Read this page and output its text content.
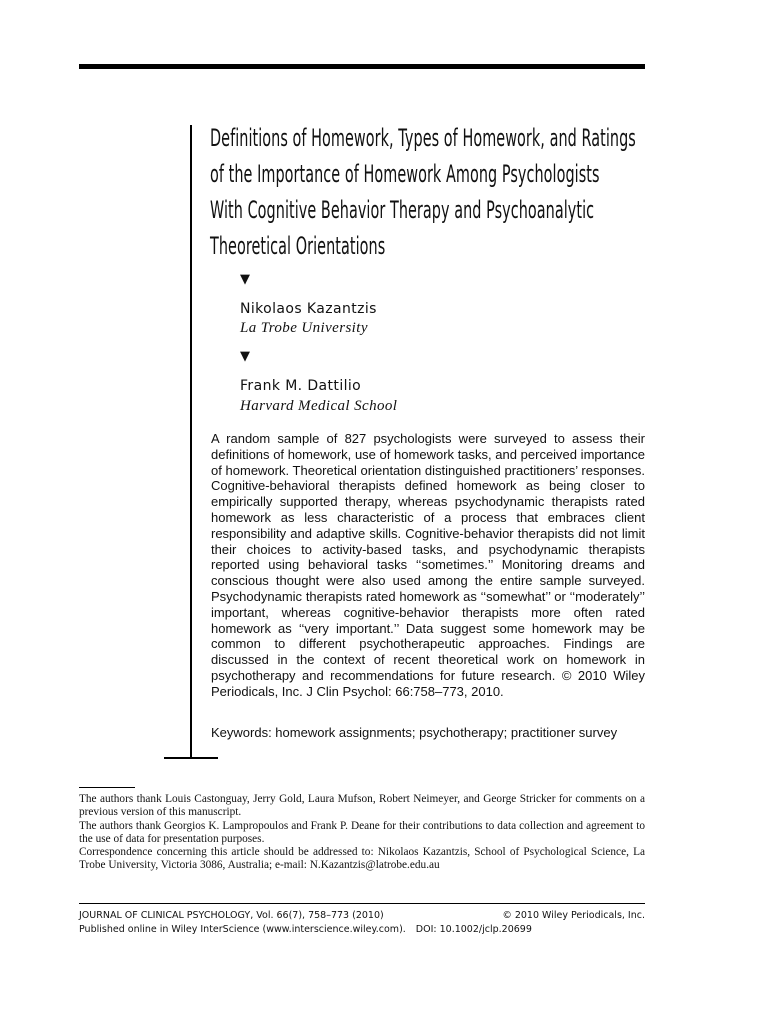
Definitions of Homework, Types of Homework, and Ratings
of the Importance of Homework Among Psychologists
With Cognitive Behavior Therapy and Psychoanalytic
Theoretical Orientations
▼
Nikolaos Kazantzis
La Trobe University
▼
Frank M. Dattilio
Harvard Medical School

A random sample of 827 psychologists were surveyed to assess their definitions of homework, use of homework tasks, and perceived importance of homework. Theoretical orientation distinguished practitioners’ responses. Cognitive-behavioral therapists defined homework as being closer to empirically supported therapy, whereas psychodynamic therapists rated homework as less characteristic of a process that embraces client responsibility and adaptive skills. Cognitive-behavior therapists did not limit their choices to activity-based tasks, and psychodynamic therapists reported using behavioral tasks ‘‘sometimes.’’ Monitoring dreams and conscious thought were also used among the entire sample surveyed. Psychodynamic therapists rated homework as ‘‘somewhat’’ or ‘‘moderately’’ important, whereas cognitive-behavior therapists more often rated homework as ‘‘very important.’’ Data suggest some homework may be common to different psychotherapeutic approaches. Findings are discussed in the context of recent theoretical work on homework in psychotherapy and recommendations for future research. © 2010 Wiley Periodicals, Inc. J Clin Psychol: 66:758–773, 2010.

Keywords: homework assignments; psychotherapy; practitioner survey

The authors thank Louis Castonguay, Jerry Gold, Laura Mufson, Robert Neimeyer, and George Stricker for comments on a previous version of this manuscript.

The authors thank Georgios K. Lampropoulos and Frank P. Deane for their contributions to data collection and agreement to the use of data for presentation purposes.

Correspondence concerning this article should be addressed to: Nikolaos Kazantzis, School of Psychological Science, La Trobe University, Victoria 3086, Australia; e-mail: N.Kazantzis@latrobe.edu.au

JOURNAL OF CLINICAL PSYCHOLOGY, Vol. 66(7), 758–773 (2010)	© 2010 Wiley Periodicals, Inc.
Published online in Wiley InterScience (www.interscience.wiley.com). DOI: 10.1002/jclp.20699
